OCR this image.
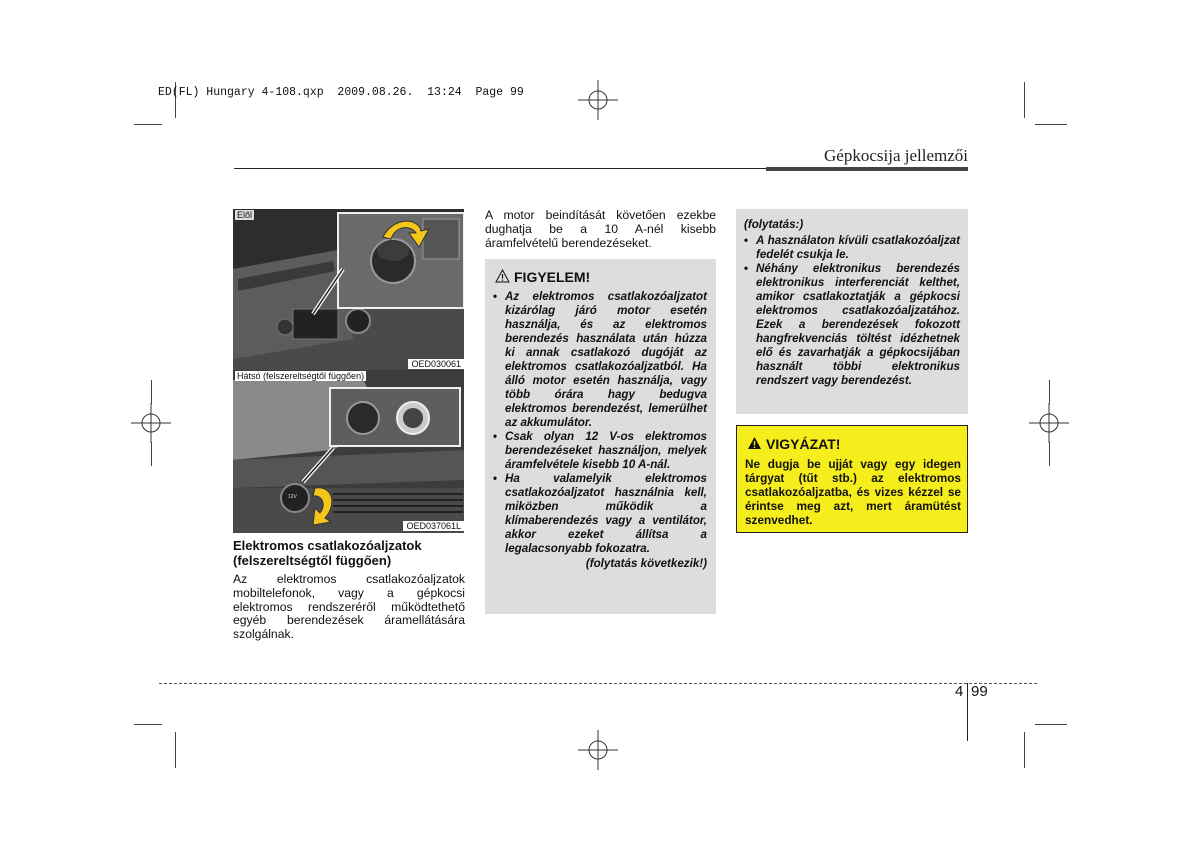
ED(FL) Hungary 4-108.qxp  2009.08.26.  13:24  Page 99
Gépkocsija jellemzői
Elől
OED030061
12V
Hátsó (felszereltségtől függően)
OED037061L
Elektromos csatlakozóaljzatok (felszereltségtől függően)
Az elektromos csatlakozóaljzatok mobiltelefonok, vagy a gépkocsi elektromos rendszeréről működtethető egyéb berendezések áramellátására szolgálnak.
A motor beindítását követően ezekbe dughatja be a 10 A-nél kisebb áramfelvételű berendezéseket.
FIGYELEM!
• Az elektromos csatlakozóaljzatot kizárólag járó motor esetén használja, és az elektromos berendezés használata után húzza ki annak csatlakozó dugóját az elektromos csatlakozóaljzatból. Ha álló motor esetén használja, vagy több órára hagy bedugva elektromos berendezést, lemerülhet az akkumulátor.
• Csak olyan 12 V-os elektromos berendezéseket használjon, melyek áramfelvétele kisebb 10 A-nál.
• Ha valamelyik elektromos csatlakozóaljzatot használnia kell, miközben működik a klímaberendezés vagy a ventilátor, akkor ezeket állítsa a legalacsonyabb fokozatra.
(folytatás következik!)
(folytatás:)
• A használaton kívüli csatlakozóaljzat fedelét csukja le.
• Néhány elektronikus berendezés elektronikus interferenciát kelthet, amikor csatlakoztatják a gépkocsi elektromos csatlakozóaljzatához. Ezek a berendezések fokozott hangfrekvenciás töltést idézhetnek elő és zavarhatják a gépkocsijában használt többi elektronikus rendszert vagy berendezést.
VIGYÁZAT!
Ne dugja be ujját vagy egy idegen tárgyat (tűt stb.) az elektromos csatlakozóaljzatba, és vizes kézzel se érintse meg azt, mert áramütést szenvedhet.
4 99
